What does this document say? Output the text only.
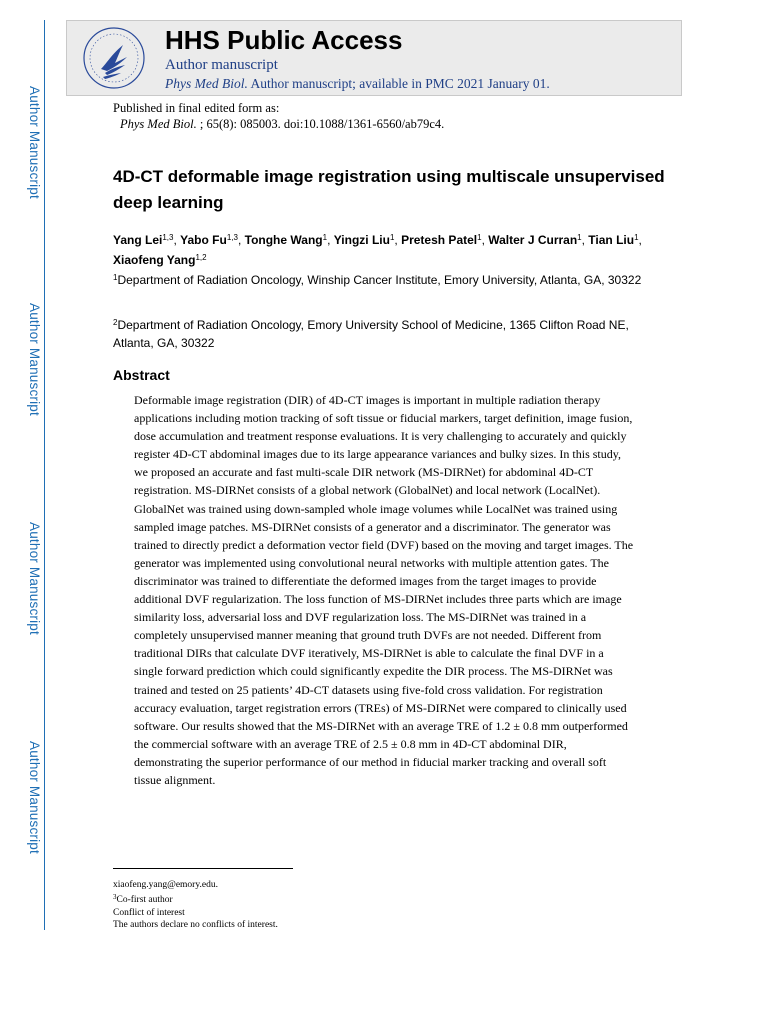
Author Manuscript
Author Manuscript
Author Manuscript
Author Manuscript
HHS Public Access
Author manuscript
Phys Med Biol. Author manuscript; available in PMC 2021 January 01.
Published in final edited form as:
Phys Med Biol. ; 65(8): 085003. doi:10.1088/1361-6560/ab79c4.
4D-CT deformable image registration using multiscale unsupervised deep learning
Yang Lei$^{1,3}$, Yabo Fu$^{1,3}$, Tonghe Wang$^1$, Yingzi Liu$^1$, Pretesh Patel$^1$, Walter J Curran$^1$, Tian Liu$^1$, Xiaofeng Yang$^{1,2}$
$^1$Department of Radiation Oncology, Winship Cancer Institute, Emory University, Atlanta, GA, 30322
$^2$Department of Radiation Oncology, Emory University School of Medicine, 1365 Clifton Road NE, Atlanta, GA, 30322
Abstract
Deformable image registration (DIR) of 4D-CT images is important in multiple radiation therapy applications including motion tracking of soft tissue or fiducial markers, target definition, image fusion, dose accumulation and treatment response evaluations. It is very challenging to accurately and quickly register 4D-CT abdominal images due to its large appearance variances and bulky sizes. In this study, we proposed an accurate and fast multi-scale DIR network (MS-DIRNet) for abdominal 4D-CT registration. MS-DIRNet consists of a global network (GlobalNet) and local network (LocalNet). GlobalNet was trained using down-sampled whole image volumes while LocalNet was trained using sampled image patches. MS-DIRNet consists of a generator and a discriminator. The generator was trained to directly predict a deformation vector field (DVF) based on the moving and target images. The generator was implemented using convolutional neural networks with multiple attention gates. The discriminator was trained to differentiate the deformed images from the target images to provide additional DVF regularization. The loss function of MS-DIRNet includes three parts which are image similarity loss, adversarial loss and DVF regularization loss. The MS-DIRNet was trained in a completely unsupervised manner meaning that ground truth DVFs are not needed. Different from traditional DIRs that calculate DVF iteratively, MS-DIRNet is able to calculate the final DVF in a single forward prediction which could significantly expedite the DIR process. The MS-DIRNet was trained and tested on 25 patients’ 4D-CT datasets using five-fold cross validation. For registration accuracy evaluation, target registration errors (TREs) of MS-DIRNet were compared to clinically used software. Our results showed that the MS-DIRNet with an average TRE of 1.2 ± 0.8 mm outperformed the commercial software with an average TRE of 2.5 ± 0.8 mm in 4D-CT abdominal DIR, demonstrating the superior performance of our method in fiducial marker tracking and overall soft tissue alignment.
xiaofeng.yang@emory.edu.
$^3$Co-first author
Conflict of interest
The authors declare no conflicts of interest.
